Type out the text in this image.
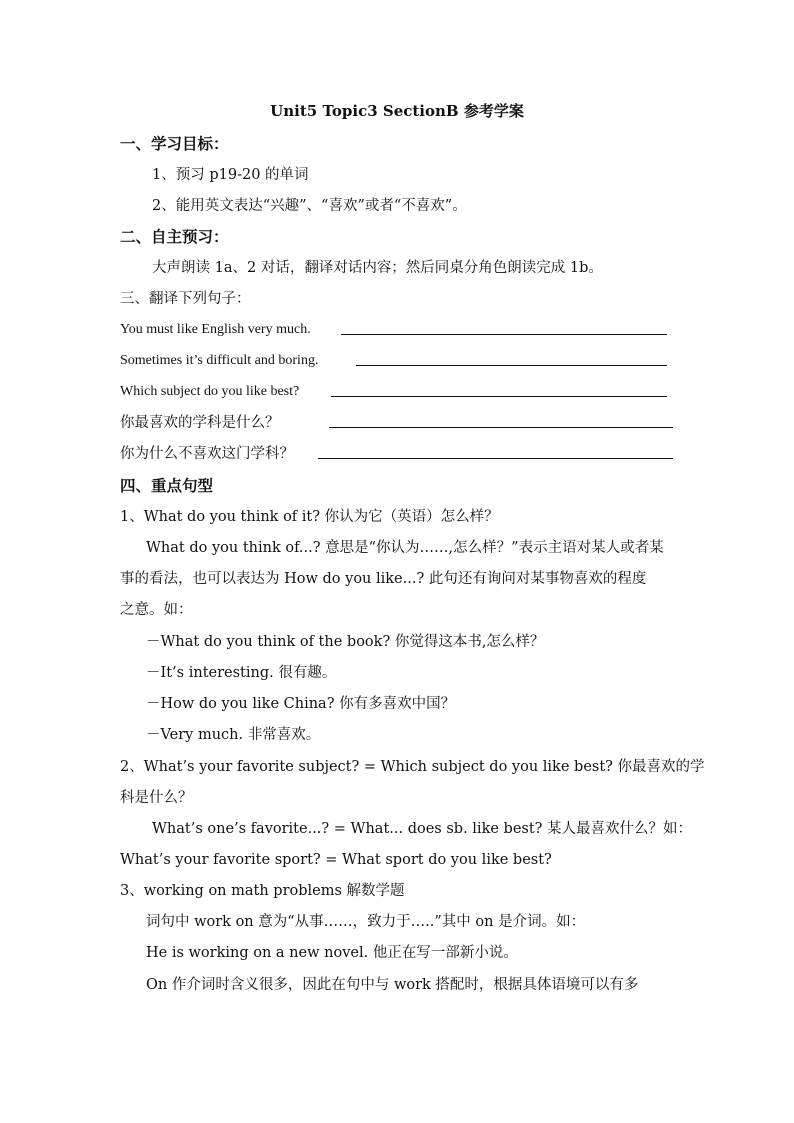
Unit5 Topic3 SectionB 参考学案
一、学习目标：
1、预习 p19-20 的单词
2、能用英文表达“兴趣”、“喜欢”或者“不喜欢”。
二、自主预习：
大声朗读 1a、2 对话，翻译对话内容；然后同桌分角色朗读完成 1b。
三、翻译下列句子：
You must like English very much.
Sometimes it’s difficult and boring.
Which subject do you like best?
你最喜欢的学科是什么？
你为什么不喜欢这门学科？
四、重点句型
1、What do you think of it? 你认为它（英语）怎么样？
What do you think of...? 意思是“你认为……,怎么样？”表示主语对某人或者某
事的看法，也可以表达为 How do you like...? 此句还有询问对某事物喜欢的程度
之意。如：
－What do you think of the book? 你觉得这本书,怎么样？
－It’s interesting. 很有趣。
－How do you like China? 你有多喜欢中国？
－Very much. 非常喜欢。
2、What’s your favorite subject? = Which subject do you like best? 你最喜欢的学
科是什么？
What’s one’s favorite...? = What... does sb. like best? 某人最喜欢什么？如：
What’s your favorite sport? = What sport do you like best?
3、working on math problems 解数学题
词句中 work on 意为“从事……，致力于…..”其中 on 是介词。如：
He is working on a new novel. 他正在写一部新小说。
On 作介词时含义很多，因此在句中与 work 搭配时，根据具体语境可以有多
